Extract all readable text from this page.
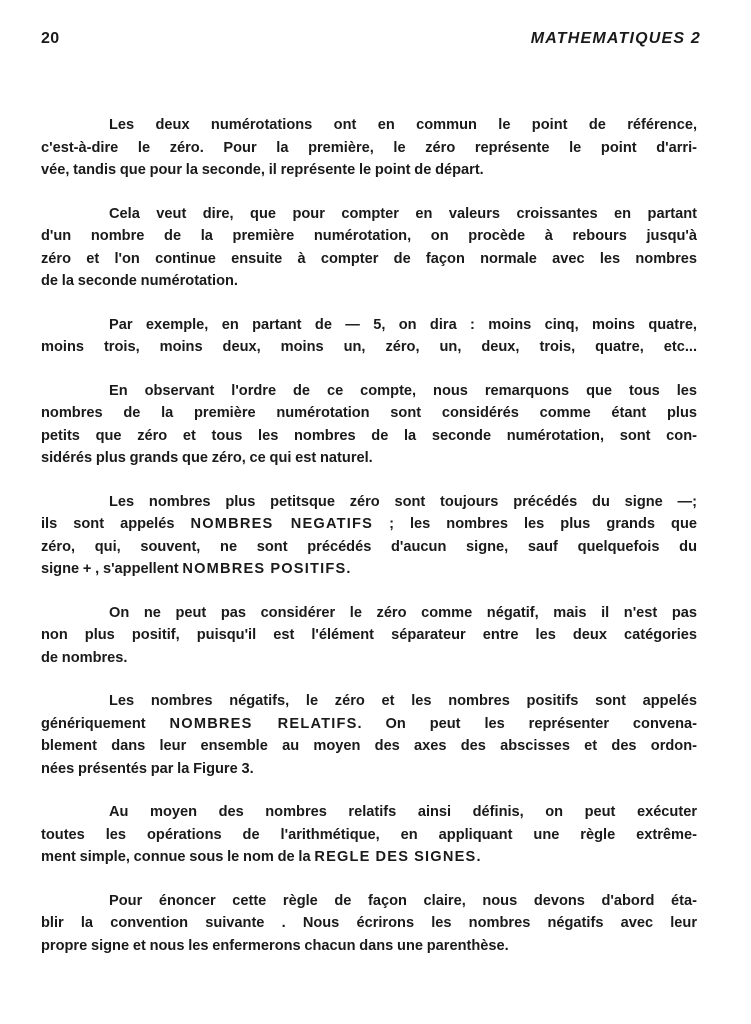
20	MATHEMATIQUES 2

Les deux numérotations ont en commun le point de référence,
c'est-à-dire le zéro. Pour la première, le zéro représente le point d'arri-
vée, tandis que pour la seconde, il représente le point de départ.

Cela veut dire, que pour compter en valeurs croissantes en partant
d'un nombre de la première numérotation, on procède à rebours jusqu'à
zéro et l'on continue ensuite à compter de façon normale avec les nombres
de la seconde numérotation.

Par exemple, en partant de — 5, on dira : moins cinq, moins quatre,
moins trois, moins deux, moins un, zéro, un, deux, trois, quatre, etc...

En observant l'ordre de ce compte, nous remarquons que tous les
nombres de la première numérotation sont considérés comme étant plus
petits que zéro et tous les nombres de la seconde numérotation, sont con-
sidérés plus grands que zéro, ce qui est naturel.

Les nombres plus petitsque zéro sont toujours précédés du signe —;
ils sont appelés NOMBRES NEGATIFS ; les nombres les plus grands que
zéro, qui, souvent, ne sont précédés d'aucun signe, sauf quelquefois du
signe + , s'appellent NOMBRES POSITIFS.

On ne peut pas considérer le zéro comme négatif, mais il n'est pas
non plus positif, puisqu'il est l'élément séparateur entre les deux catégories
de nombres.

Les nombres négatifs, le zéro et les nombres positifs sont appelés
génériquement NOMBRES RELATIFS. On peut les représenter convena-
blement dans leur ensemble au moyen des axes des abscisses et des ordon-
nées présentés par la Figure 3.

Au moyen des nombres relatifs ainsi définis, on peut exécuter
toutes les opérations de l'arithmétique, en appliquant une règle extrême-
ment simple, connue sous le nom de la REGLE DES SIGNES.

Pour énoncer cette règle de façon claire, nous devons d'abord éta-
blir la convention suivante . Nous écrirons les nombres négatifs avec leur
propre signe et nous les enfermerons chacun dans une parenthèse.
